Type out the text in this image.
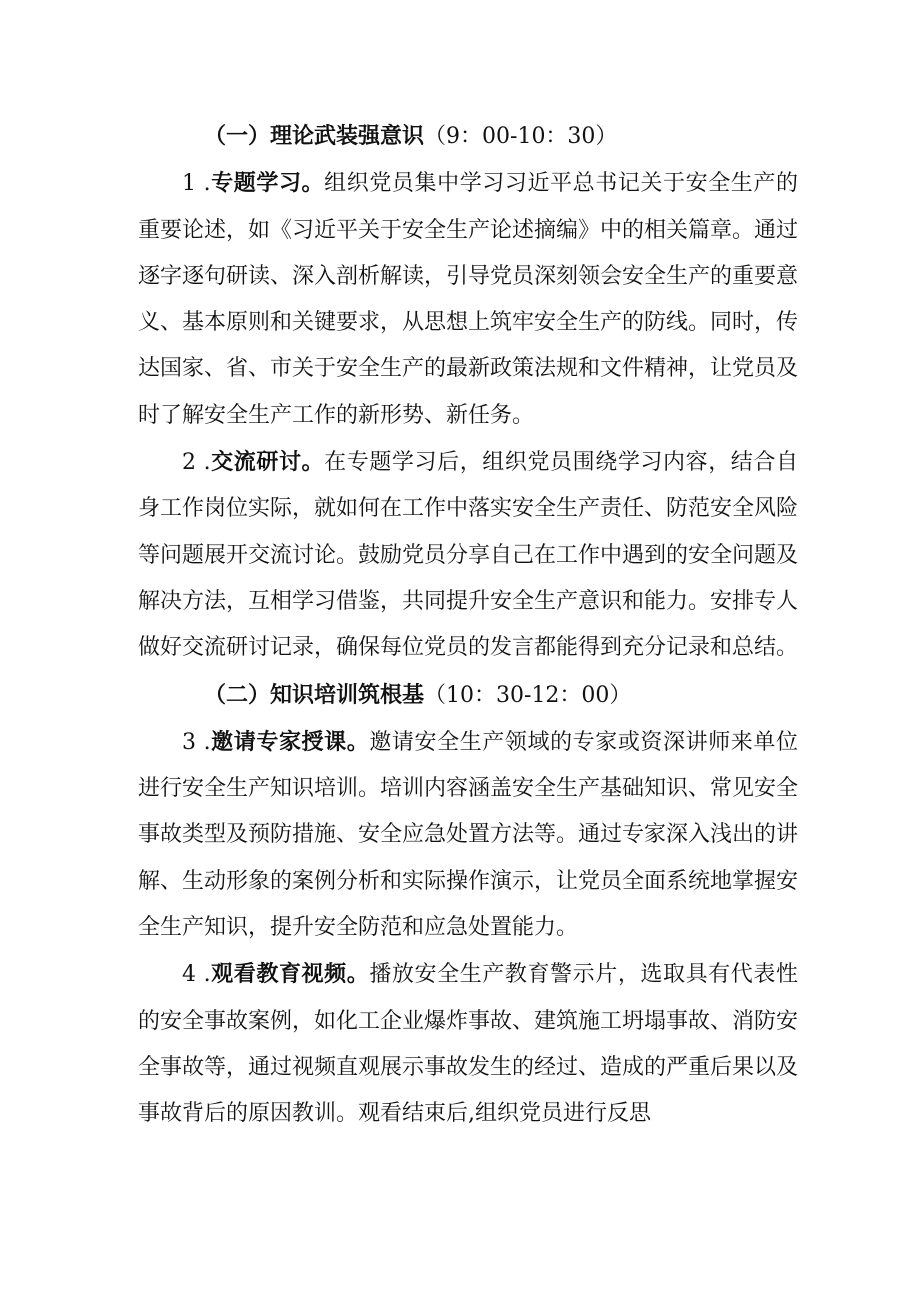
（一）理论武装强意识（9：00-10：30）

1 .专题学习。组织党员集中学习习近平总书记关于安全生产的重要论述，如《习近平关于安全生产论述摘编》中的相关篇章。通过逐字逐句研读、深入剖析解读，引导党员深刻领会安全生产的重要意义、基本原则和关键要求，从思想上筑牢安全生产的防线。同时，传达国家、省、市关于安全生产的最新政策法规和文件精神，让党员及时了解安全生产工作的新形势、新任务。

2 .交流研讨。在专题学习后，组织党员围绕学习内容，结合自身工作岗位实际，就如何在工作中落实安全生产责任、防范安全风险等问题展开交流讨论。鼓励党员分享自己在工作中遇到的安全问题及解决方法，互相学习借鉴，共同提升安全生产意识和能力。安排专人做好交流研讨记录，确保每位党员的发言都能得到充分记录和总结。

（二）知识培训筑根基（10：30-12：00）

3 .邀请专家授课。邀请安全生产领域的专家或资深讲师来单位进行安全生产知识培训。培训内容涵盖安全生产基础知识、常见安全事故类型及预防措施、安全应急处置方法等。通过专家深入浅出的讲解、生动形象的案例分析和实际操作演示，让党员全面系统地掌握安全生产知识，提升安全防范和应急处置能力。

4 .观看教育视频。播放安全生产教育警示片，选取具有代表性的安全事故案例，如化工企业爆炸事故、建筑施工坍塌事故、消防安全事故等，通过视频直观展示事故发生的经过、造成的严重后果以及事故背后的原因教训。观看结束后,组织党员进行反思
